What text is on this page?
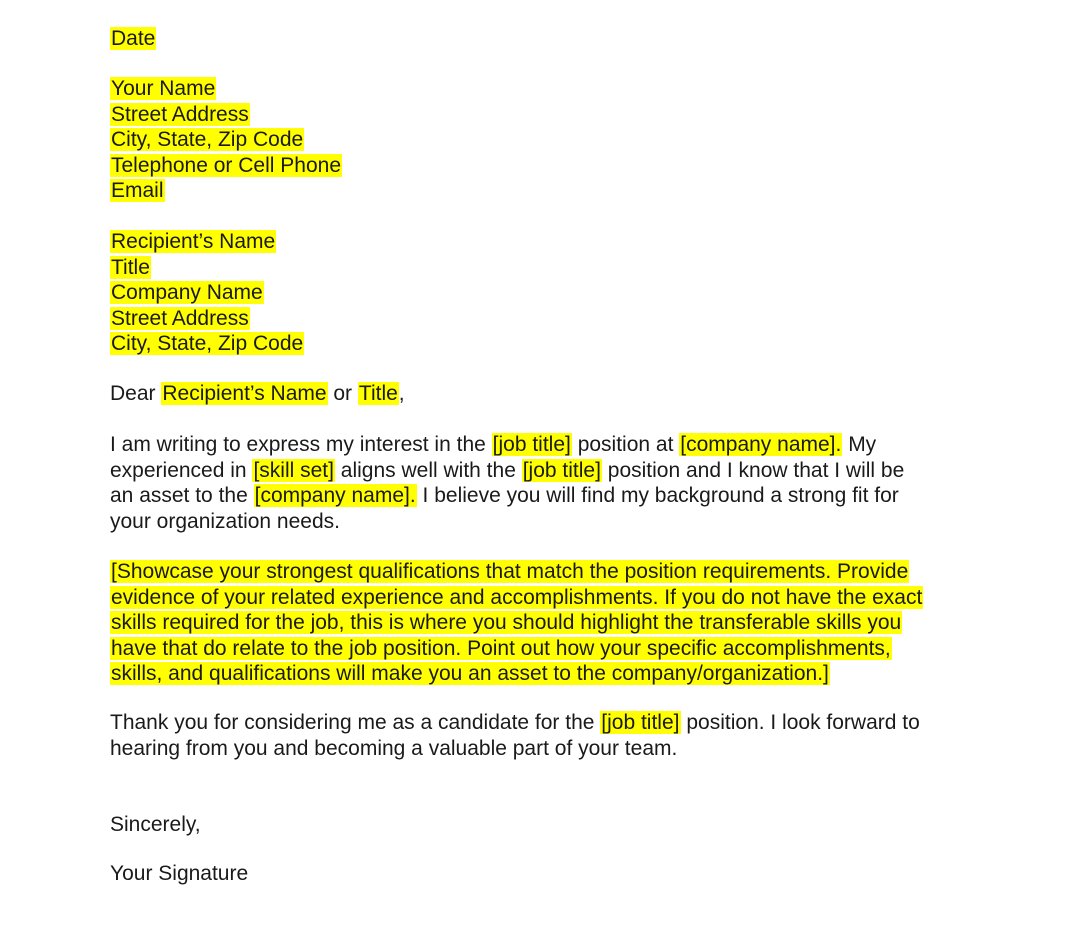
Date
Your Name
Street Address
City, State, Zip Code
Telephone or Cell Phone
Email
Recipient’s Name
Title
Company Name
Street Address
City, State, Zip Code
Dear Recipient’s Name or Title,
I am writing to express my interest in the [job title] position at [company name]. My
experienced in [skill set] aligns well with the [job title] position and I know that I will be
an asset to the [company name]. I believe you will find my background a strong fit for
your organization needs.
[Showcase your strongest qualifications that match the position requirements. Provide
evidence of your related experience and accomplishments. If you do not have the exact
skills required for the job, this is where you should highlight the transferable skills you
have that do relate to the job position. Point out how your specific accomplishments,
skills, and qualifications will make you an asset to the company/organization.]
Thank you for considering me as a candidate for the [job title] position. I look forward to
hearing from you and becoming a valuable part of your team.
Sincerely,
Your Signature
